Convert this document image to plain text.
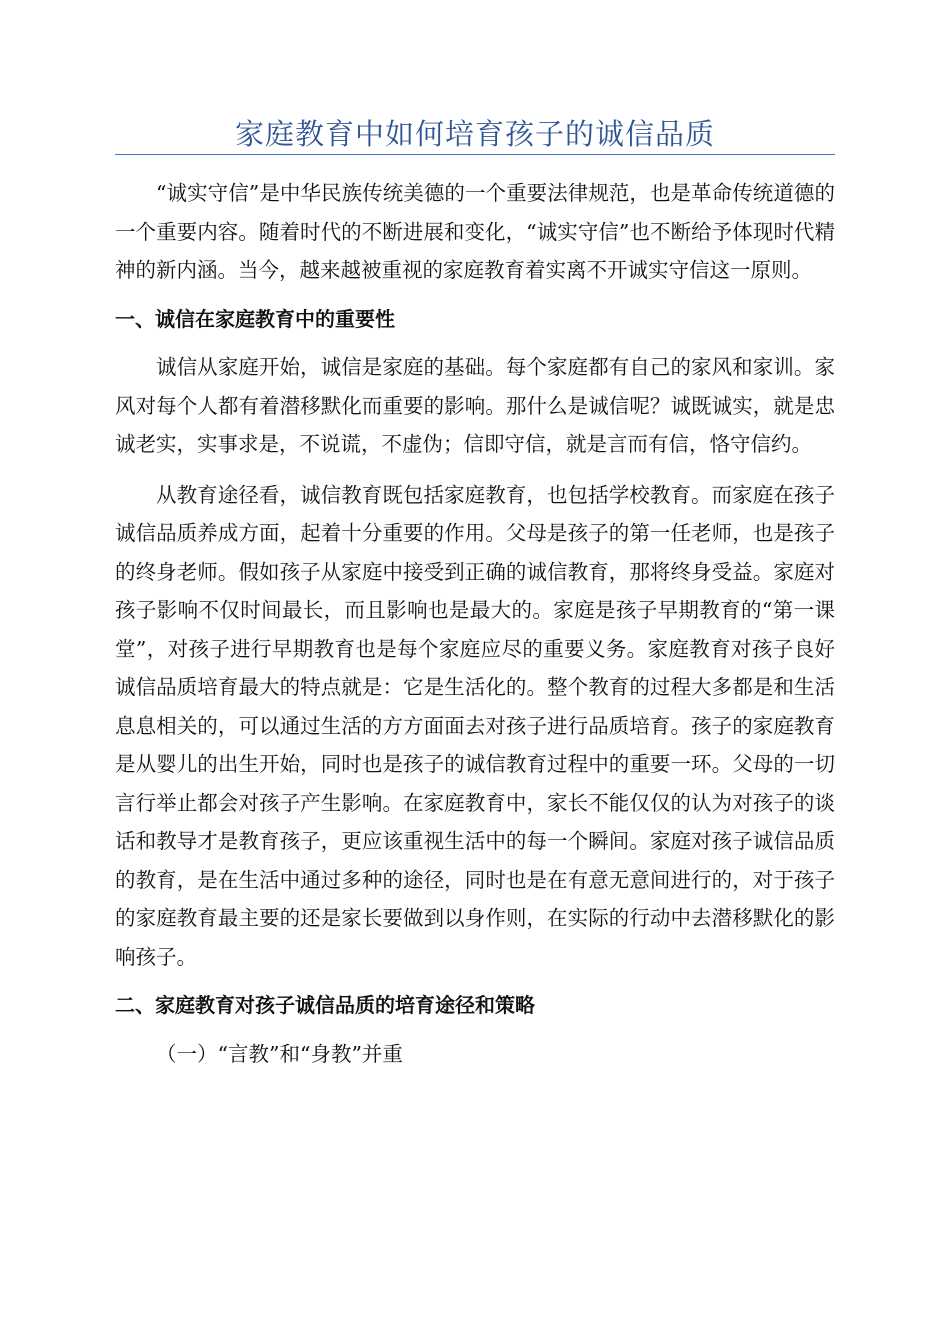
家庭教育中如何培育孩子的诚信品质

“诚实守信”是中华民族传统美德的一个重要法律规范，也是革命传统道德的一个重要内容。随着时代的不断进展和变化，“诚实守信”也不断给予体现时代精神的新内涵。当今，越来越被重视的家庭教育着实离不开诚实守信这一原则。

一、诚信在家庭教育中的重要性

诚信从家庭开始，诚信是家庭的基础。每个家庭都有自己的家风和家训。家风对每个人都有着潜移默化而重要的影响。那什么是诚信呢？诚既诚实，就是忠诚老实，实事求是，不说谎，不虚伪；信即守信，就是言而有信，恪守信约。

从教育途径看，诚信教育既包括家庭教育，也包括学校教育。而家庭在孩子诚信品质养成方面，起着十分重要的作用。父母是孩子的第一任老师，也是孩子的终身老师。假如孩子从家庭中接受到正确的诚信教育，那将终身受益。家庭对孩子影响不仅时间最长，而且影响也是最大的。家庭是孩子早期教育的“第一课堂”，对孩子进行早期教育也是每个家庭应尽的重要义务。家庭教育对孩子良好诚信品质培育最大的特点就是：它是生活化的。整个教育的过程大多都是和生活息息相关的，可以通过生活的方方面面去对孩子进行品质培育。孩子的家庭教育是从婴儿的出生开始，同时也是孩子的诚信教育过程中的重要一环。父母的一切言行举止都会对孩子产生影响。在家庭教育中，家长不能仅仅的认为对孩子的谈话和教导才是教育孩子，更应该重视生活中的每一个瞬间。家庭对孩子诚信品质的教育，是在生活中通过多种的途径，同时也是在有意无意间进行的，对于孩子的家庭教育最主要的还是家长要做到以身作则，在实际的行动中去潜移默化的影响孩子。

二、家庭教育对孩子诚信品质的培育途径和策略

（一）“言教”和“身教”并重
